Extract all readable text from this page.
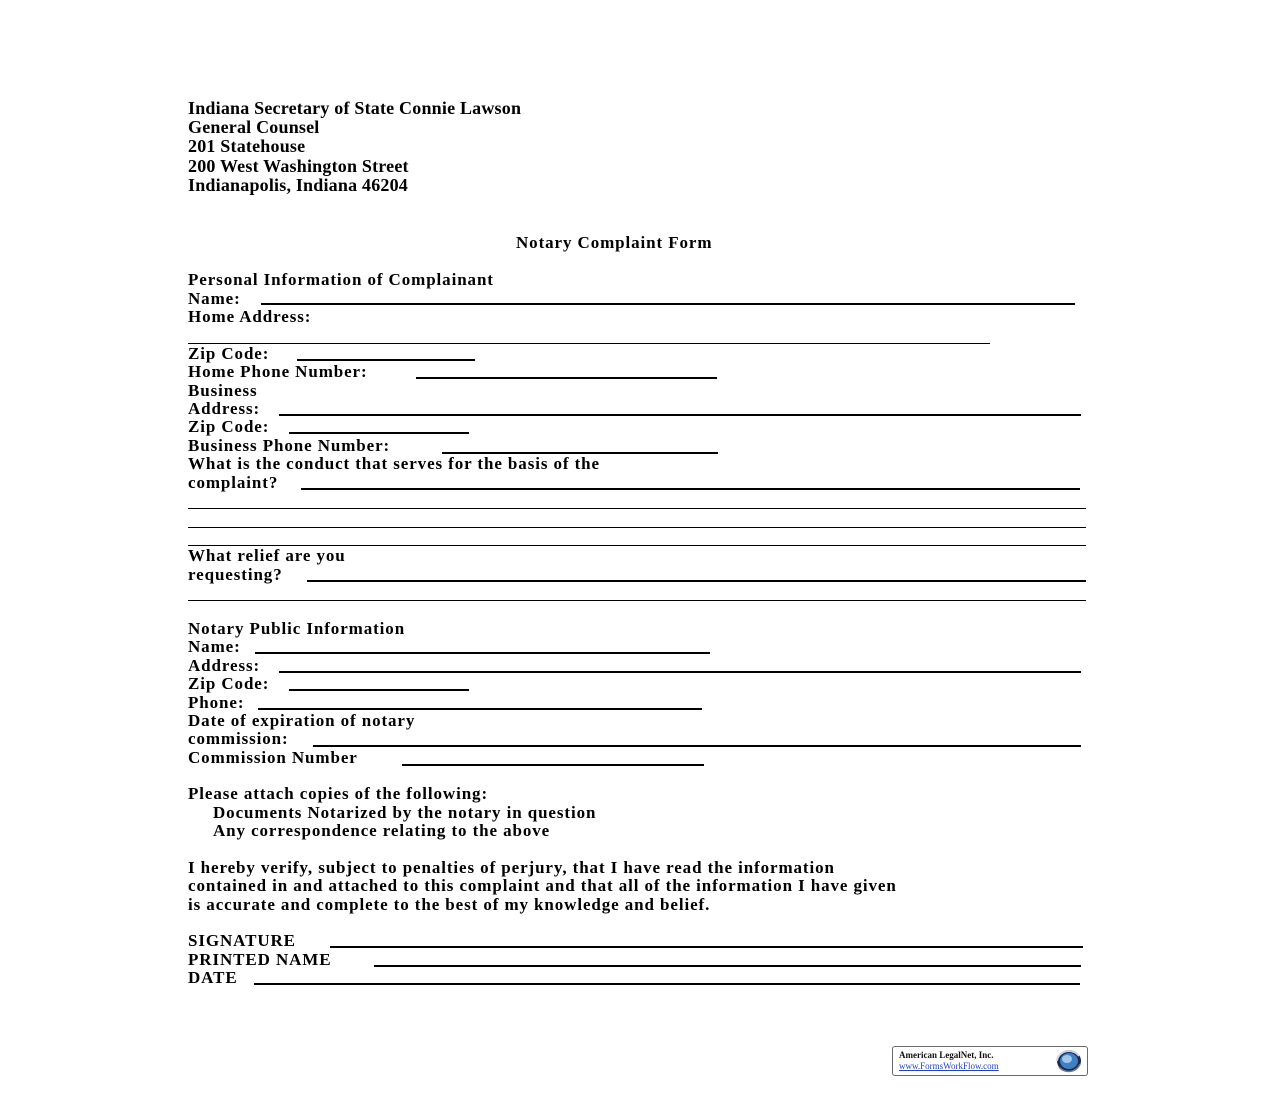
Indiana Secretary of State Connie Lawson
General Counsel
201 Statehouse
200 West Washington Street
Indianapolis, Indiana 46204
Notary Complaint Form
Personal Information of Complainant
Name:
Home Address:
Zip Code:
Home Phone Number:
Business
Address:
Zip Code:
Business Phone Number:
What is the conduct that serves for the basis of the
complaint?
What relief are you
requesting?
Notary Public Information
Name:
Address:
Zip Code:
Phone:
Date of expiration of notary
commission:
Commission Number
Please attach copies of the following:
Documents Notarized by the notary in question
Any correspondence relating to the above
I hereby verify, subject to penalties of perjury, that I have read the information
contained in and attached to this complaint and that all of the information I have given
is accurate and complete to the best of my knowledge and belief.
SIGNATURE
PRINTED NAME
DATE
American LegalNet, Inc.
www.FormsWorkFlow.com
